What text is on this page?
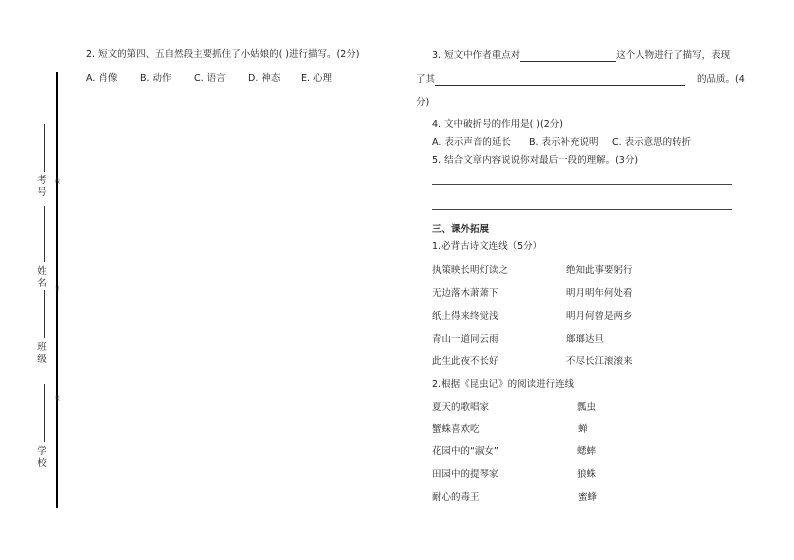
考号
线
姓名 订
班级
装
学校
2. 短文的第四、五自然段主要抓住了小姑娘的( )进行描写。(2分)
A. 肖像 B. 动作 C. 语言 D. 神态 E. 心理
3. 短文中作者重点对	这个人物进行了描写，表现
了其	的品质。(4
分)
4. 文中破折号的作用是( )(2分)
A. 表示声音的延长 B. 表示补充说明 C. 表示意思的转折
5. 结合文章内容说说你对最后一段的理解。(3分)
三、课外拓展
1.必背古诗文连线（5分）
执策映长明灯读之	绝知此事要躬行
无边落木萧萧下	明月明年何处看
纸上得来终觉浅	明月何曾是两乡
青山一道同云雨	瑯瑯达旦
此生此夜不长好	不尽长江滚滚来
2.根据《昆虫记》的阅读进行连线
夏天的歌唱家	瓢虫
蟹蛛喜欢吃	蝉
花园中的“淑女”	蟋蟀
田园中的提琴家	狼蛛
耐心的毒王	蜜蜂
